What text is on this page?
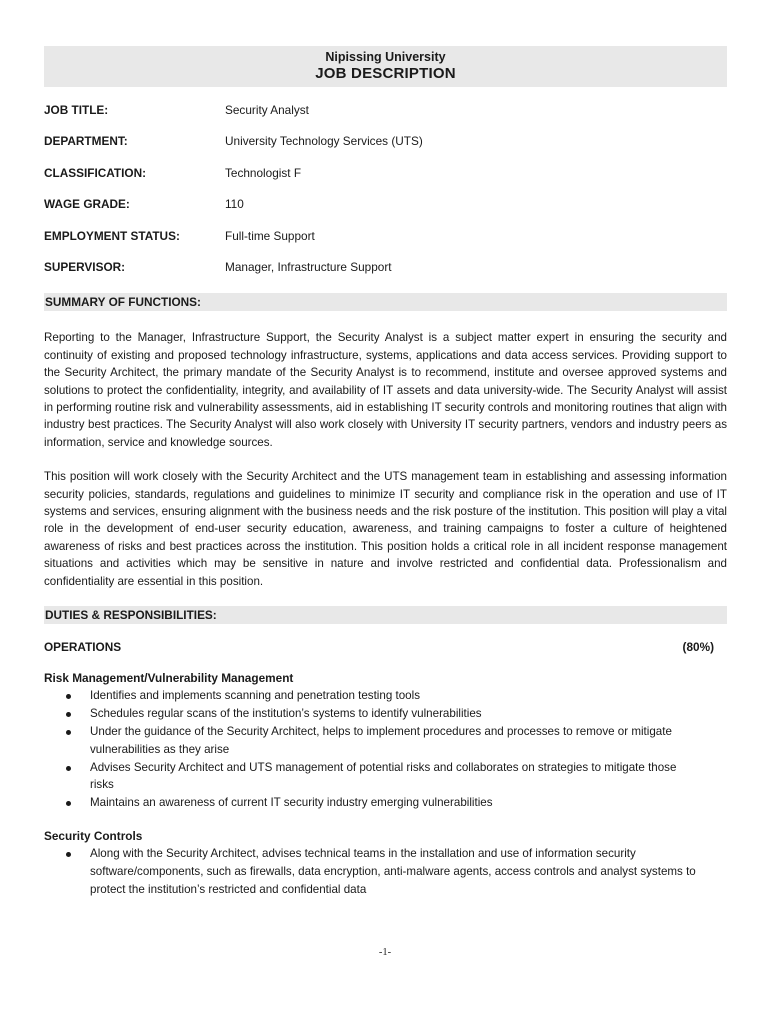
Nipissing University
JOB DESCRIPTION
JOB TITLE:	Security Analyst
DEPARTMENT:	University Technology Services (UTS)
CLASSIFICATION:	Technologist F
WAGE GRADE:	110
EMPLOYMENT STATUS:	Full-time Support
SUPERVISOR:	Manager, Infrastructure Support
SUMMARY OF FUNCTIONS:

Reporting to the Manager, Infrastructure Support, the Security Analyst is a subject matter expert in ensuring the security and continuity of existing and proposed technology infrastructure, systems, applications and data access services. Providing support to the Security Architect, the primary mandate of the Security Analyst is to recommend, institute and oversee approved systems and solutions to protect the confidentiality, integrity, and availability of IT assets and data university-wide. The Security Analyst will assist in performing routine risk and vulnerability assessments, aid in establishing IT security controls and monitoring routines that align with industry best practices. The Security Analyst will also work closely with University IT security partners, vendors and industry peers as information, service and knowledge sources.

This position will work closely with the Security Architect and the UTS management team in establishing and assessing information security policies, standards, regulations and guidelines to minimize IT security and compliance risk in the operation and use of IT systems and services, ensuring alignment with the business needs and the risk posture of the institution. This position will play a vital role in the development of end-user security education, awareness, and training campaigns to foster a culture of heightened awareness of risks and best practices across the institution. This position holds a critical role in all incident response management situations and activities which may be sensitive in nature and involve restricted and confidential data. Professionalism and confidentiality are essential in this position.

DUTIES & RESPONSIBILITIES:
OPERATIONS	(80%)
Risk Management/Vulnerability Management
Identifies and implements scanning and penetration testing tools
Schedules regular scans of the institution’s systems to identify vulnerabilities
Under the guidance of the Security Architect, helps to implement procedures and processes to remove or mitigate vulnerabilities as they arise
Advises Security Architect and UTS management of potential risks and collaborates on strategies to mitigate those risks
Maintains an awareness of current IT security industry emerging vulnerabilities
Security Controls
Along with the Security Architect, advises technical teams in the installation and use of information security software/components, such as firewalls, data encryption, anti-malware agents, access controls and analyst systems to protect the institution’s restricted and confidential data
-1-
